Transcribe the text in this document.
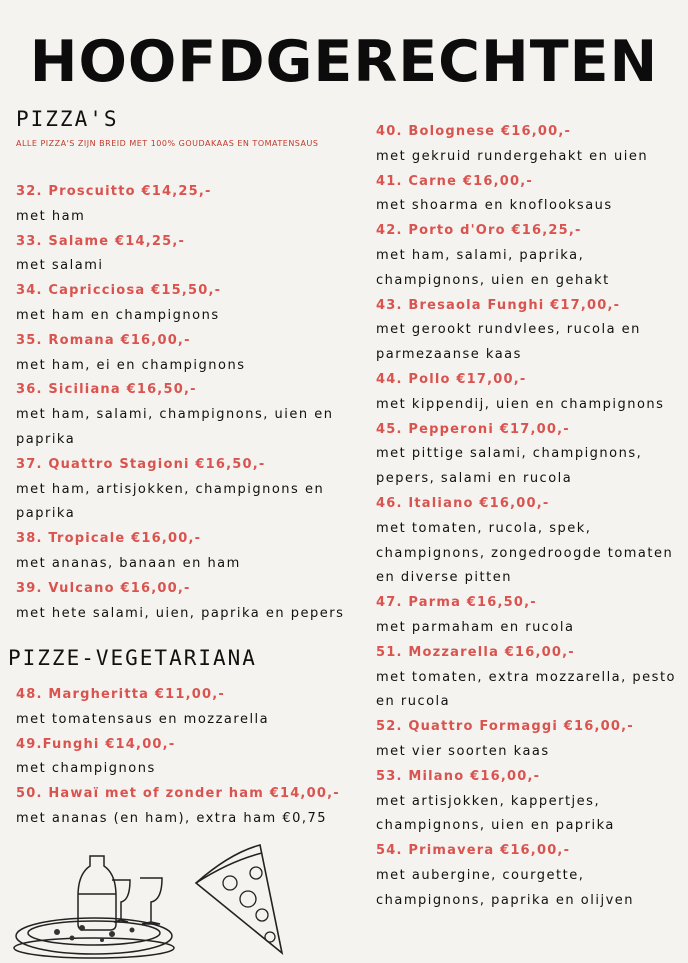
HOOFDGERECHTEN
PIZZA'S
ALLE PIZZA'S ZIJN BREID MET 100% GOUDAKAAS EN TOMATENSAUS
32. Proscuitto €14,25,-
met ham
33. Salame €14,25,-
met salami
34. Capricciosa €15,50,-
met ham en champignons
35. Romana €16,00,-
met ham, ei en champignons
36. Siciliana €16,50,-
met ham, salami, champignons, uien en paprika
37. Quattro Stagioni €16,50,-
met ham, artisjokken, champignons en paprika
38. Tropicale €16,00,-
met ananas, banaan en ham
39. Vulcano €16,00,-
met hete salami, uien, paprika en pepers
40. Bolognese €16,00,-
met gekruid rundergehakt en uien
41. Carne €16,00,-
met shoarma en knoflooksaus
42. Porto d'Oro €16,25,-
met ham, salami, paprika, champignons, uien en gehakt
43. Bresaola Funghi €17,00,-
met gerookt rundvlees, rucola en parmezaanse kaas
44. Pollo €17,00,-
met kippendij, uien en champignons
45. Pepperoni €17,00,-
met pittige salami, champignons, pepers, salami en rucola
46. Italiano €16,00,-
met tomaten, rucola, spek, champignons, zongedroogde tomaten en diverse pitten
47. Parma €16,50,-
met parmaham en rucola
51. Mozzarella €16,00,-
met tomaten, extra mozzarella, pesto en rucola
52. Quattro Formaggi €16,00,-
met vier soorten kaas
53. Milano €16,00,-
met artisjokken, kappertjes, champignons, uien en paprika
54. Primavera €16,00,-
met aubergine, courgette, champignons, paprika en olijven
PIZZE-VEGETARIANA
48. Margheritta €11,00,-
met tomatensaus en mozzarella
49.Funghi €14,00,-
met champignons
50. Hawaï met of zonder ham €14,00,-
met ananas (en ham), extra ham €0,75
